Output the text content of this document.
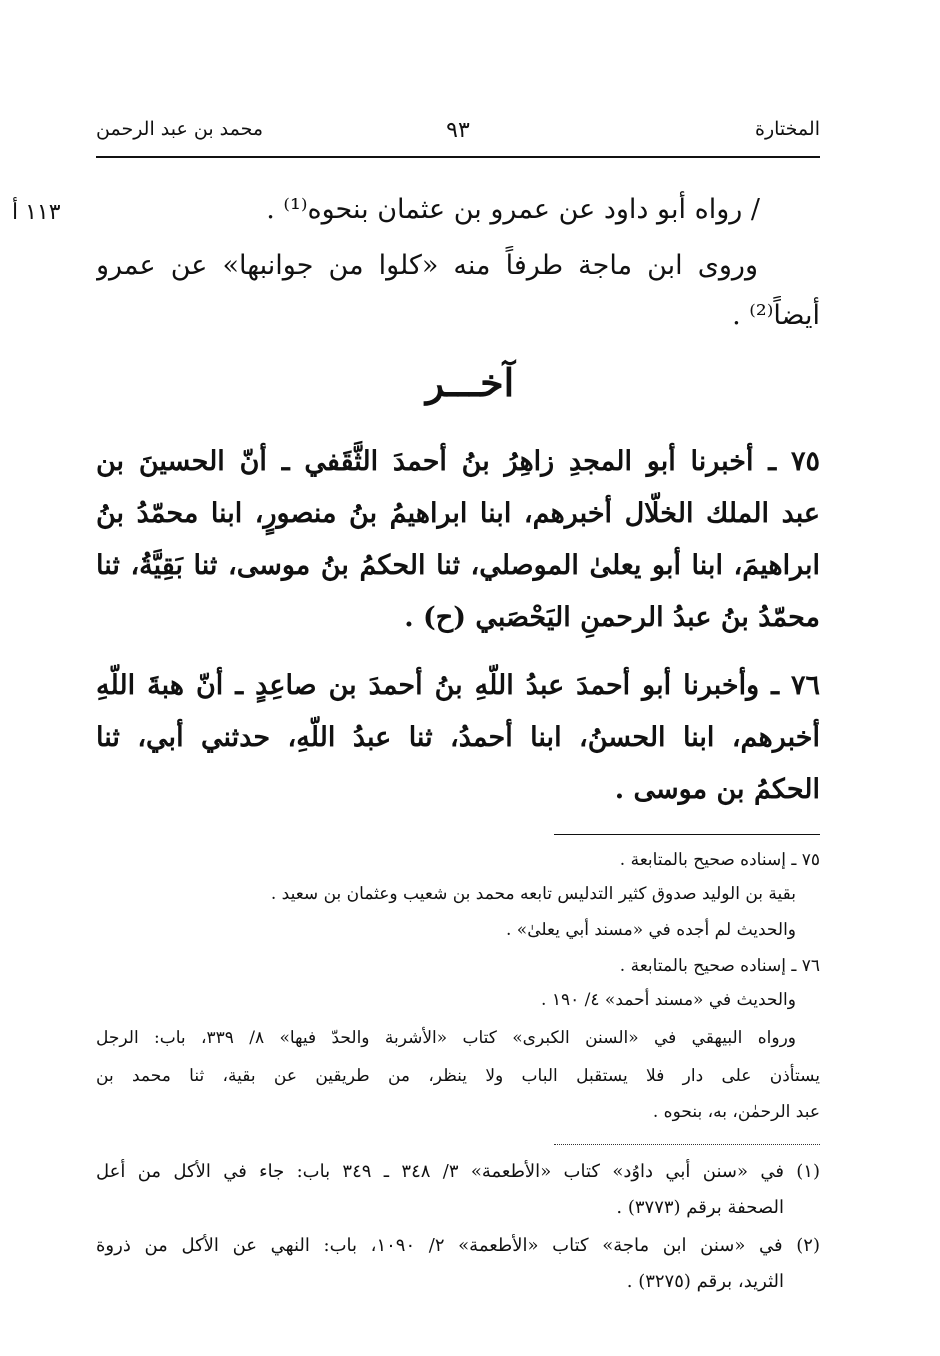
المختارة
٩٣
محمد بن عبد الرحمن
١١٣ أ	/ رواه أبو داود عن عمرو بن عثمان بنحوه⁽¹⁾ .
وروى ابن ماجة طرفاً منه «كلوا من جوانبها» عن عمرو
أيضاً⁽²⁾ .
آخـــر
٧٥ ـ أخبرنا أبو المجدِ زاهِرُ بنُ أحمدَ الثَّقَفي ـ أنّ الحسينَ بن
عبد الملك الخلّال أخبرهم، ابنا ابراهيمُ بنُ منصورٍ، ابنا محمّدُ بنُ
ابراهيمَ، ابنا أبو يعلىٰ الموصلي، ثنا الحكمُ بنُ موسى، ثنا بَقِيَّةُ، ثنا
محمّدُ بنُ عبدُ الرحمنِ اليَحْصَبي (ح) .
٧٦ ـ وأخبرنا أبو أحمدَ عبدُ اللّهِ بنُ أحمدَ بن صاعِدٍ ـ أنّ هبةَ اللّهِ
أخبرهم، ابنا الحسنُ، ابنا أحمدُ، ثنا عبدُ اللّهِ، حدثني أبي، ثنا
الحكمُ بن موسى .
٧٥ ـ إسناده صحيح بالمتابعة .
بقية بن الوليد صدوق كثير التدليس تابعه محمد بن شعيب وعثمان بن سعيد .
والحديث لم أجده في «مسند أبي يعلىٰ» .
٧٦ ـ إسناده صحيح بالمتابعة .
والحديث في «مسند أحمد» ٤/ ١٩٠ .
ورواه البيهقي في «السنن الكبرى» كتاب «الأشربة والحدّ فيها» ٨/ ٣٣٩، باب: الرجل
يستأذن على دار فلا يستقبل الباب ولا ينظر، من طريقين عن بقية، ثنا محمد بن
عبد الرحمٰن، به، بنحوه .
(١) في «سنن أبي داوُد» كتاب «الأطعمة» ٣/ ٣٤٨ ـ ٣٤٩ باب: جاء في الأكل من أعل
الصحفة برقم (٣٧٧٣) .
(٢) في «سنن ابن ماجة» كتاب «الأطعمة» ٢/ ١٠٩٠، باب: النهي عن الأكل من ذروة
الثريد، برقم (٣٢٧٥) .
